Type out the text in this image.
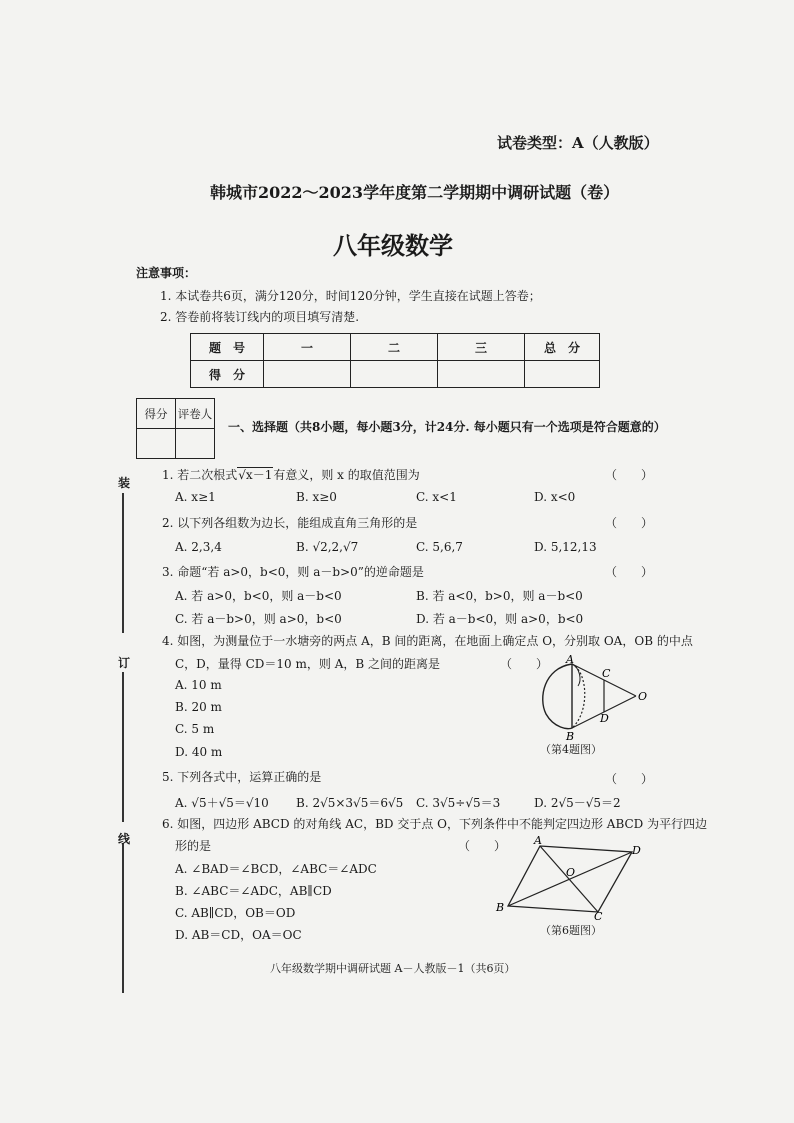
试卷类型：A（人教版）
韩城市2022～2023学年度第二学期期中调研试题（卷）
八年级数学
注意事项：
1. 本试卷共6页，满分120分，时间120分钟，学生直接在试题上答卷；
2. 答卷前将装订线内的项目填写清楚.
题　号	一	二	三	总　分
得　分				
得分	评卷人

一、选择题（共8小题，每小题3分，计24分. 每小题只有一个选项是符合题意的）
装
订
线
1. 若二次根式√x－1有意义，则 x 的取值范围为	（　　）
A. x≥1	B. x≥0	C. x<1	D. x<0
2. 以下列各组数为边长，能组成直角三角形的是	（　　）
A. 2,3,4	B. √2,2,√7	C. 5,6,7	D. 5,12,13
3. 命题“若 a>0，b<0，则 a－b>0”的逆命题是	（　　）
A. 若 a>0，b<0，则 a－b<0	B. 若 a<0，b>0，则 a－b<0
C. 若 a－b>0，则 a>0，b<0	D. 若 a－b<0，则 a>0，b<0
4. 如图，为测量位于一水塘旁的两点 A，B 间的距离，在地面上确定点 O，分别取 OA，OB 的中点
C，D，量得 CD＝10 m，则 A，B 之间的距离是	（　　）
A. 10 m
B. 20 m
C. 5 m
D. 40 m
A
C
O
D
B
（第4题图）
5. 下列各式中，运算正确的是	（　　）
A. √5＋√5＝√10 B. 2√5×3√5＝6√5 C. 3√5÷√5＝3	D. 2√5－√5＝2
6. 如图，四边形 ABCD 的对角线 AC，BD 交于点 O，下列条件中不能判定四边形 ABCD 为平行四边
形的是	（　　）
A. ∠BAD＝∠BCD，∠ABC＝∠ADC
B. ∠ABC＝∠ADC，AB∥CD
C. AB∥CD，OB＝OD
D. AB＝CD，OA＝OC
A
D
O
B
C
（第6题图）
八年级数学期中调研试题 A－人教版－1（共6页）
